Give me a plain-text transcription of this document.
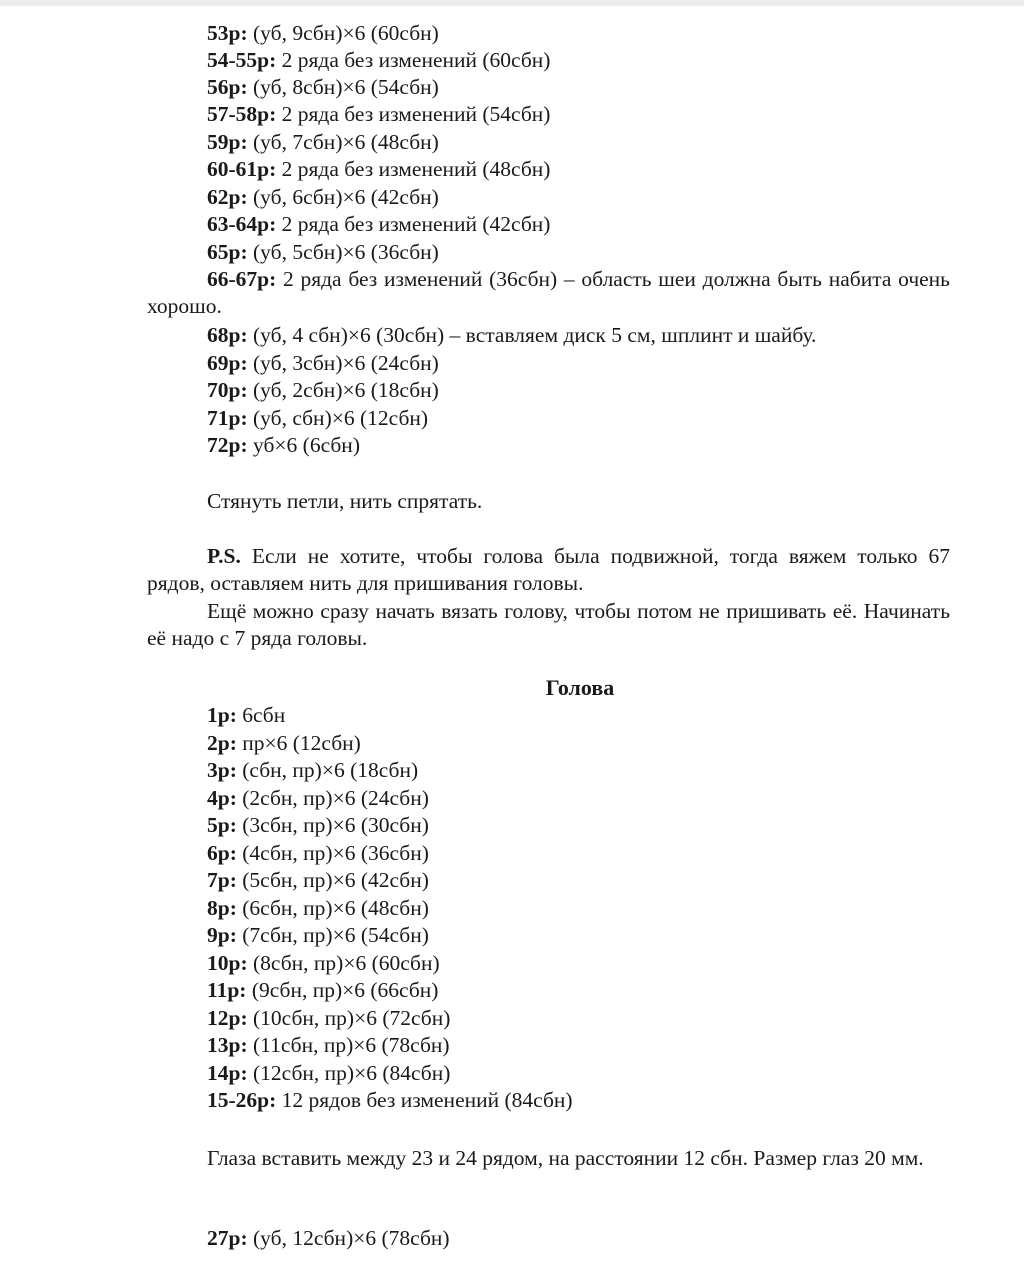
53р: (уб, 9сбн)×6 (60сбн)
54-55р: 2 ряда без изменений (60сбн)
56р: (уб, 8сбн)×6 (54сбн)
57-58р: 2 ряда без изменений (54сбн)
59р: (уб, 7сбн)×6 (48сбн)
60-61р: 2 ряда без изменений (48сбн)
62р: (уб, 6сбн)×6 (42сбн)
63-64р: 2 ряда без изменений (42сбн)
65р: (уб, 5сбн)×6 (36сбн)
66-67р: 2 ряда без изменений (36сбн) – область шеи должна быть набита очень хорошо.
68р: (уб, 4 сбн)×6 (30сбн) – вставляем диск 5 см, шплинт и шайбу.
69р: (уб, 3сбн)×6 (24сбн)
70р: (уб, 2сбн)×6 (18сбн)
71р: (уб, сбн)×6 (12сбн)
72р: уб×6 (6сбн)
Стянуть петли, нить спрятать.
P.S. Если не хотите, чтобы голова была подвижной, тогда вяжем только 67 рядов, оставляем нить для пришивания головы.
Ещё можно сразу начать вязать голову, чтобы потом не пришивать её. Начинать её надо с 7 ряда головы.
Голова
1р: 6сбн
2р: пр×6 (12сбн)
3р: (сбн, пр)×6 (18сбн)
4р: (2сбн, пр)×6 (24сбн)
5р: (3сбн, пр)×6 (30сбн)
6р: (4сбн, пр)×6 (36сбн)
7р: (5сбн, пр)×6 (42сбн)
8р: (6сбн, пр)×6 (48сбн)
9р: (7сбн, пр)×6 (54сбн)
10р: (8сбн, пр)×6 (60сбн)
11р: (9сбн, пр)×6 (66сбн)
12р: (10сбн, пр)×6 (72сбн)
13р: (11сбн, пр)×6 (78сбн)
14р: (12сбн, пр)×6 (84сбн)
15-26р: 12 рядов без изменений (84сбн)
Глаза вставить между 23 и 24 рядом, на расстоянии 12 сбн. Размер глаз 20 мм.
27р: (уб, 12сбн)×6 (78сбн)
